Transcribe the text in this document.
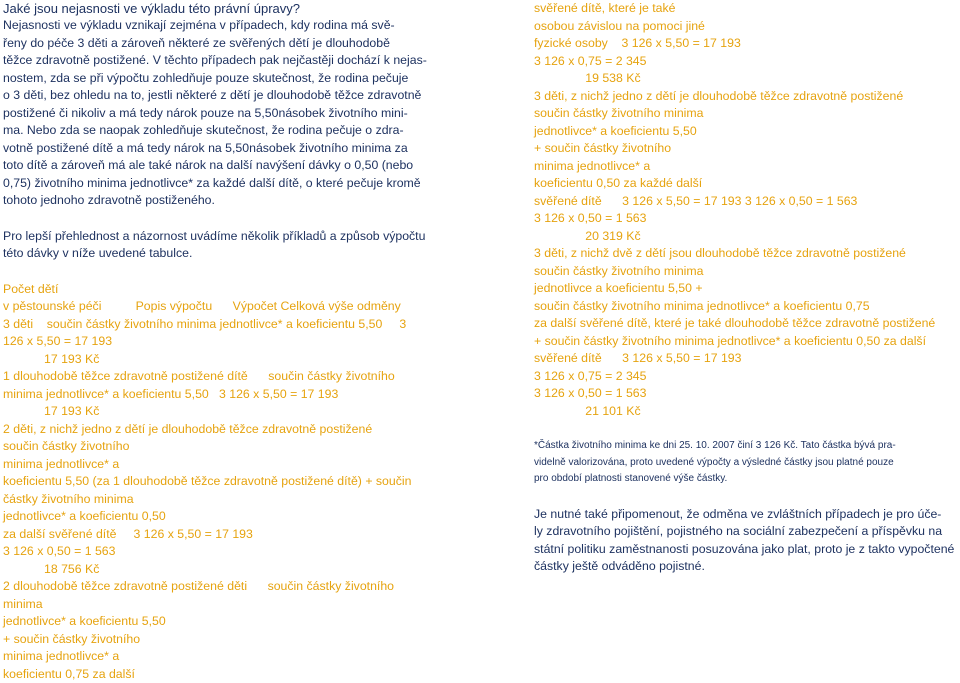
Jaké jsou nejasnosti ve výkladu této právní úpravy?

Nejasnosti ve výkladu vznikají zejména v případech, kdy rodina má svě-

řeny do péče 3 děti a zároveň některé ze svěřených dětí je dlouhodobě

těžce zdravotně postižené. V těchto případech pak nejčastěji dochází k nejas-

nostem, zda se při výpočtu zohledňuje pouze skutečnost, že rodina pečuje

o 3 děti, bez ohledu na to, jestli některé z dětí je dlouhodobě těžce zdravotně

postižené či nikoliv a má tedy nárok pouze na 5,50násobek životního mini-

ma. Nebo zda se naopak zohledňuje skutečnost, že rodina pečuje o zdra-

votně postižené dítě a má tedy nárok na 5,50násobek životního minima za

toto dítě a zároveň má ale také nárok na další navýšení dávky o 0,50 (nebo

0,75) životního minima jednotlivce* za každé další dítě, o které pečuje kromě

tohoto jednoho zdravotně postiženého.

Pro lepší přehlednost a názornost uvádíme několik příkladů a způsob výpočtu

této dávky v níže uvedené tabulce.

Počet dětí

v pěstounské péči          Popis výpočtu      Výpočet Celková výše odměny

3 děti    součin částky životního minima jednotlivce* a koeficientu 5,50     3

126 x 5,50 = 17 193

17 193 Kč

1 dlouhodobě těžce zdravotně postižené dítě      součin částky životního

minima jednotlivce* a koeficientu 5,50   3 126 x 5,50 = 17 193

17 193 Kč

2 děti, z nichž jedno z dětí je dlouhodobě těžce zdravotně postižené

součin částky životního

minima jednotlivce* a

koeficientu 5,50 (za 1 dlouhodobě těžce zdravotně postižené dítě) + součin

částky životního minima

jednotlivce* a koeficientu 0,50

za další svěřené dítě     3 126 x 5,50 = 17 193

3 126 x 0,50 = 1 563

18 756 Kč

2 dlouhodobě těžce zdravotně postižené děti      součin částky životního

minima

jednotlivce* a koeficientu 5,50

+ součin částky životního

minima jednotlivce* a

koeficientu 0,75 za další

svěřené dítě, které je také

osobou závislou na pomoci jiné

fyzické osoby    3 126 x 5,50 = 17 193

3 126 x 0,75 = 2 345

19 538 Kč

3 děti, z nichž jedno z dětí je dlouhodobě těžce zdravotně postižené

součin částky životního minima

jednotlivce* a koeficientu 5,50

+ součin částky životního

minima jednotlivce* a

koeficientu 0,50 za každé další

svěřené dítě      3 126 x 5,50 = 17 193 3 126 x 0,50 = 1 563

3 126 x 0,50 = 1 563

20 319 Kč

3 děti, z nichž dvě z dětí jsou dlouhodobě těžce zdravotně postižené

součin částky životního minima

jednotlivce a koeficientu 5,50 +

součin částky životního minima jednotlivce* a koeficientu 0,75

za další svěřené dítě, které je také dlouhodobě těžce zdravotně postižené

+ součin částky životního minima jednotlivce* a koeficientu 0,50 za další

svěřené dítě      3 126 x 5,50 = 17 193

3 126 x 0,75 = 2 345

3 126 x 0,50 = 1 563

21 101 Kč

*Částka životního minima ke dni 25. 10. 2007 činí 3 126 Kč. Tato částka bývá pra-

videlně valorizována, proto uvedené výpočty a výsledné částky jsou platné pouze

pro období platnosti stanovené výše částky.

Je nutné také připomenout, že odměna ve zvláštních případech je pro úče-

ly zdravotního pojištění, pojistného na sociální zabezpečení a příspěvku na

státní politiku zaměstnanosti posuzována jako plat, proto je z takto vypočtené

částky ještě odváděno pojistné.
